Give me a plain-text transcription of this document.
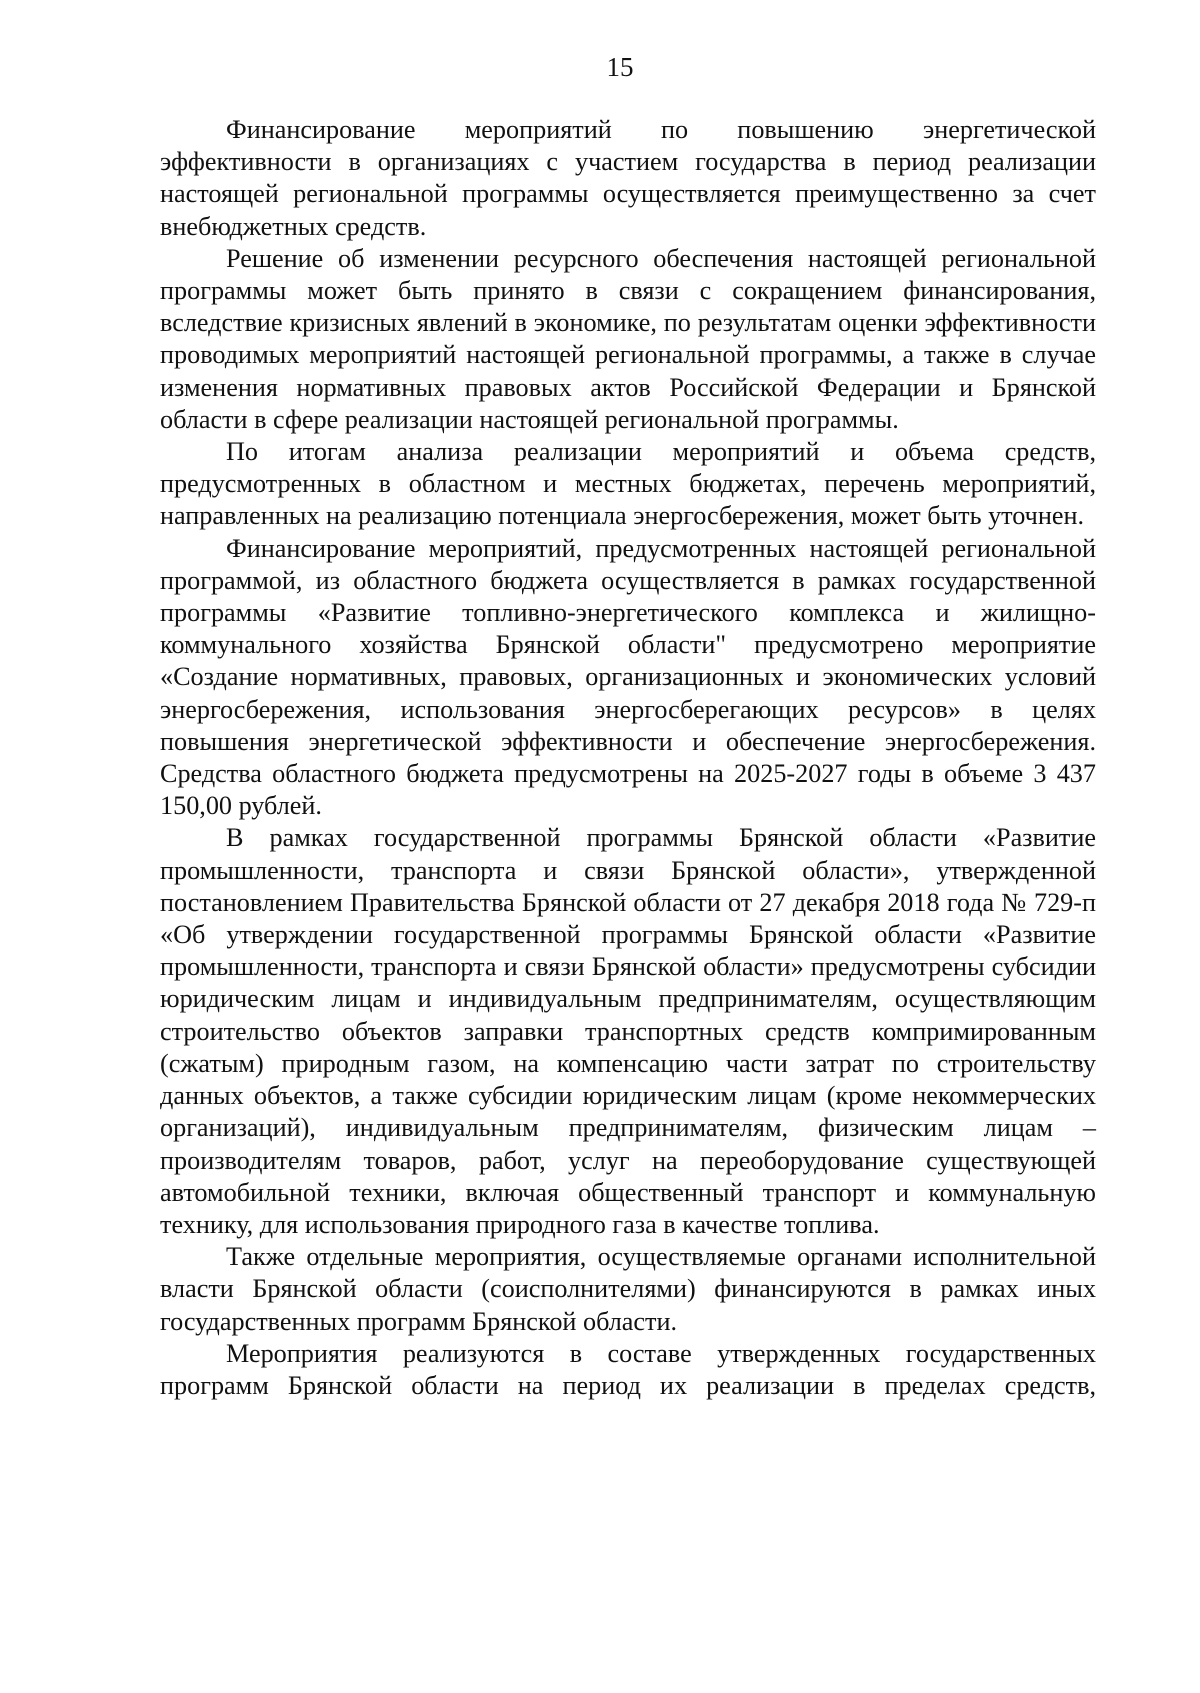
15

Финансирование мероприятий по повышению энергетической эффективности в организациях с участием государства в период реализации настоящей региональной программы осуществляется преимущественно за счет внебюджетных средств.

Решение об изменении ресурсного обеспечения настоящей региональной программы может быть принято в связи с сокращением финансирования, вследствие кризисных явлений в экономике, по результатам оценки эффективности проводимых мероприятий настоящей региональной программы, а также в случае изменения нормативных правовых актов Российской Федерации и Брянской области в сфере реализации настоящей региональной программы.

По итогам анализа реализации мероприятий и объема средств, предусмотренных в областном и местных бюджетах, перечень мероприятий, направленных на реализацию потенциала энергосбережения, может быть уточнен.

Финансирование мероприятий, предусмотренных настоящей региональной программой, из областного бюджета осуществляется в рамках государственной программы «Развитие топливно-энергетического комплекса и жилищно-коммунального хозяйства Брянской области" предусмотрено мероприятие «Создание нормативных, правовых, организационных и экономических условий энергосбережения, использования энергосберегающих ресурсов» в целях повышения энергетической эффективности и обеспечение энергосбережения. Средства областного бюджета предусмотрены на 2025-2027 годы в объеме 3 437 150,00 рублей.

В рамках государственной программы Брянской области «Развитие промышленности, транспорта и связи Брянской области», утвержденной постановлением Правительства Брянской области от 27 декабря 2018 года № 729-п «Об утверждении государственной программы Брянской области «Развитие промышленности, транспорта и связи Брянской области» предусмотрены субсидии юридическим лицам и индивидуальным предпринимателям, осуществляющим строительство объектов заправки транспортных средств компримированным (сжатым) природным газом, на компенсацию части затрат по строительству данных объектов, а также субсидии юридическим лицам (кроме некоммерческих организаций), индивидуальным предпринимателям, физическим лицам – производителям товаров, работ, услуг на переоборудование существующей автомобильной техники, включая общественный транспорт и коммунальную технику, для использования природного газа в качестве топлива.

Также отдельные мероприятия, осуществляемые органами исполнительной власти Брянской области (соисполнителями) финансируются в рамках иных государственных программ Брянской области.

Мероприятия реализуются в составе утвержденных государственных программ Брянской области на период их реализации в пределах средств,
